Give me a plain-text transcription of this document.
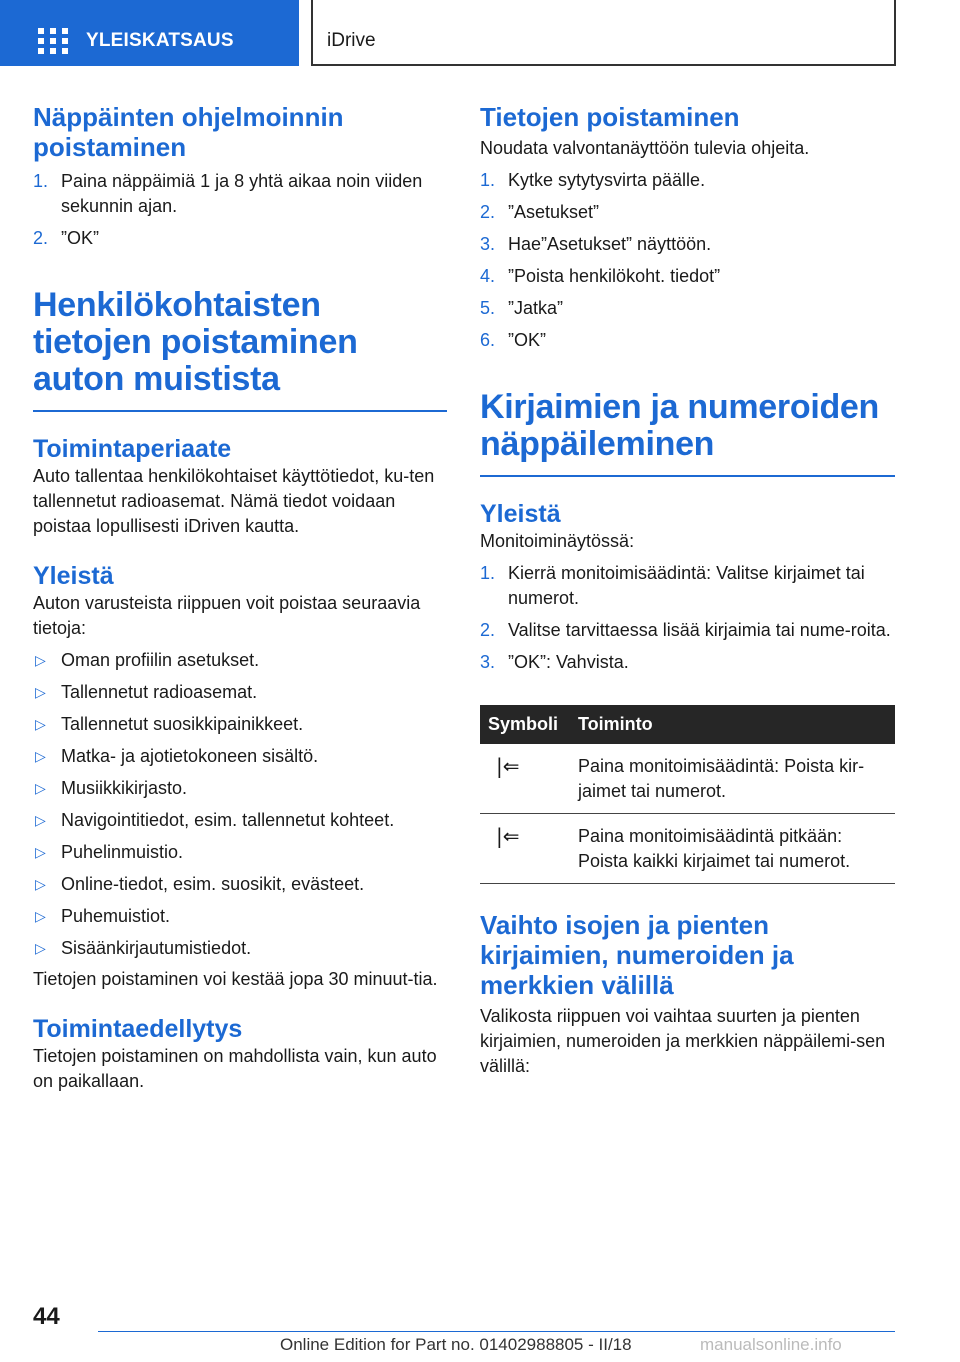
YLEISKATSAUS	iDrive
Näppäinten ohjelmoinnin poistaminen
1. Paina näppäimiä 1 ja 8 yhtä aikaa noin viiden sekunnin ajan.
2. ”OK”
Henkilökohtaisten tietojen poistaminen auton muistista
Toimintaperiaate

Auto tallentaa henkilökohtaiset käyttötiedot, ku-ten tallennetut radioasemat. Nämä tiedot voidaan poistaa lopullisesti iDriven kautta.

Yleistä

Auton varusteista riippuen voit poistaa seuraavia tietoja:

▷ Oman profiilin asetukset.
▷ Tallennetut radioasemat.
▷ Tallennetut suosikkipainikkeet.
▷ Matka- ja ajotietokoneen sisältö.
▷ Musiikkikirjasto.
▷ Navigointitiedot, esim. tallennetut kohteet.
▷ Puhelinmuistio.
▷ Online-tiedot, esim. suosikit, evästeet.
▷ Puhemuistiot.
▷ Sisäänkirjautumistiedot.

Tietojen poistaminen voi kestää jopa 30 minuut-tia.

Toimintaedellytys

Tietojen poistaminen on mahdollista vain, kun auto on paikallaan.

Tietojen poistaminen

Noudata valvontanäyttöön tulevia ohjeita.

1. Kytke sytytysvirta päälle.
2. ”Asetukset”
3. Hae”Asetukset” näyttöön.
4. ”Poista henkilökoht. tiedot”
5. ”Jatka”
6. ”OK”
Kirjaimien ja numeroiden näppäileminen
Yleistä

Monitoiminäytössä:

1. Kierrä monitoimisäädintä: Valitse kirjaimet tai numerot.
2. Valitse tarvittaessa lisää kirjaimia tai nume-roita.
3. ”OK”: Vahvista.
Symboli	Toiminto
|⇐	Paina monitoimisäädintä: Poista kir-jaimet tai numerot.
|⇐	Paina monitoimisäädintä pitkään: Poista kaikki kirjaimet tai numerot.
Vaihto isojen ja pienten kirjaimien, numeroiden ja merkkien välillä

Valikosta riippuen voi vaihtaa suurten ja pienten kirjaimien, numeroiden ja merkkien näppäilemi-sen välillä:

44
Online Edition for Part no. 01402988805 - II/18	manualsonline.info
